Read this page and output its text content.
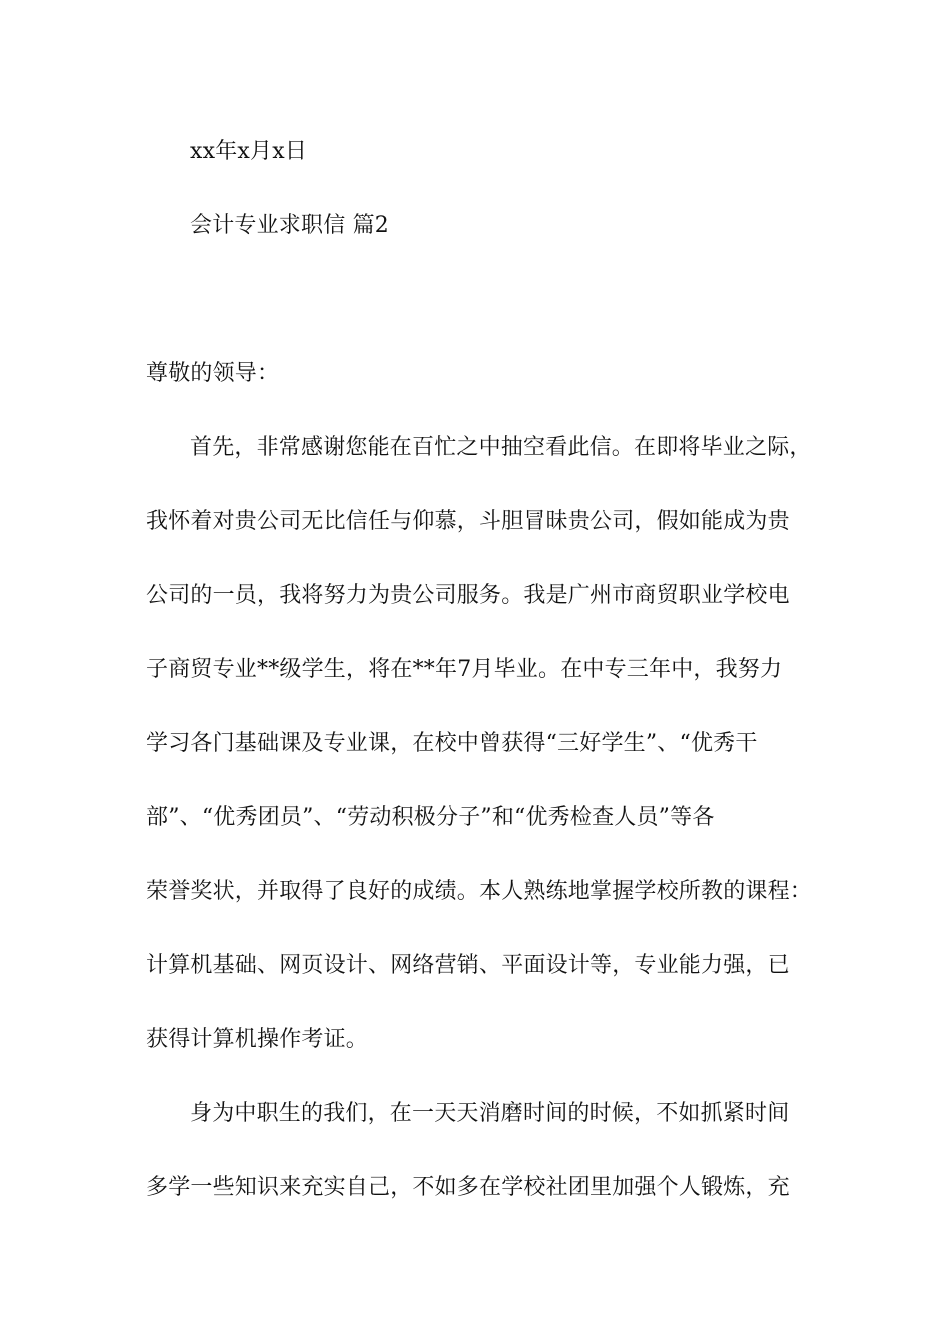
xx年x月x日
会计专业求职信 篇2
尊敬的领导：
首先，非常感谢您能在百忙之中抽空看此信。在即将毕业之际，
我怀着对贵公司无比信任与仰慕，斗胆冒昧贵公司，假如能成为贵
公司的一员，我将努力为贵公司服务。我是广州市商贸职业学校电
子商贸专业**级学生，将在**年7月毕业。在中专三年中，我努力
学习各门基础课及专业课，在校中曾获得“三好学生”、“优秀干
部”、“优秀团员”、“劳动积极分子”和“优秀检查人员”等各
荣誉奖状，并取得了良好的成绩。本人熟练地掌握学校所教的课程：
计算机基础、网页设计、网络营销、平面设计等，专业能力强，已
获得计算机操作考证。
身为中职生的我们，在一天天消磨时间的时候，不如抓紧时间
多学一些知识来充实自己，不如多在学校社团里加强个人锻炼，充
